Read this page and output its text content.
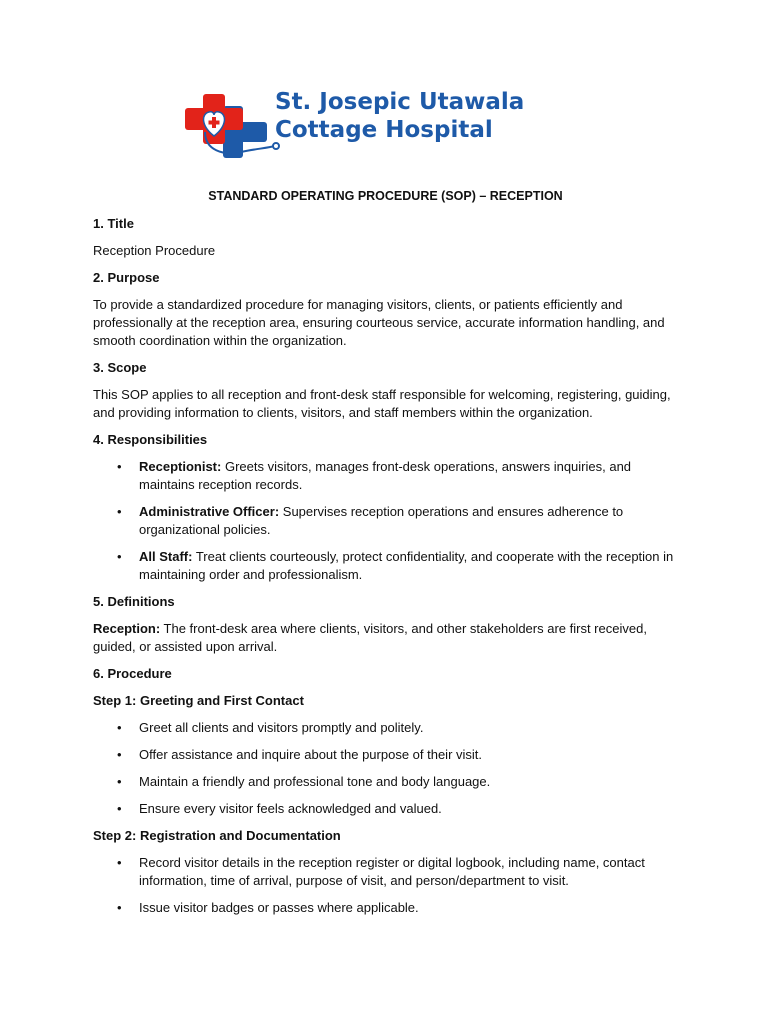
St. Josepic Utawala
Cottage Hospital
STANDARD OPERATING PROCEDURE (SOP) – RECEPTION
1. Title
Reception Procedure
2. Purpose
To provide a standardized procedure for managing visitors, clients, or patients efficiently and professionally at the reception area, ensuring courteous service, accurate information handling, and smooth coordination within the organization.
3. Scope
This SOP applies to all reception and front-desk staff responsible for welcoming, registering, guiding, and providing information to clients, visitors, and staff members within the organization.
4. Responsibilities
• Receptionist: Greets visitors, manages front-desk operations, answers inquiries, and maintains reception records.
• Administrative Officer: Supervises reception operations and ensures adherence to organizational policies.
• All Staff: Treat clients courteously, protect confidentiality, and cooperate with the reception in maintaining order and professionalism.
5. Definitions
Reception: The front-desk area where clients, visitors, and other stakeholders are first received, guided, or assisted upon arrival.
6. Procedure
Step 1: Greeting and First Contact
• Greet all clients and visitors promptly and politely.
• Offer assistance and inquire about the purpose of their visit.
• Maintain a friendly and professional tone and body language.
• Ensure every visitor feels acknowledged and valued.
Step 2: Registration and Documentation
• Record visitor details in the reception register or digital logbook, including name, contact information, time of arrival, purpose of visit, and person/department to visit.
• Issue visitor badges or passes where applicable.
